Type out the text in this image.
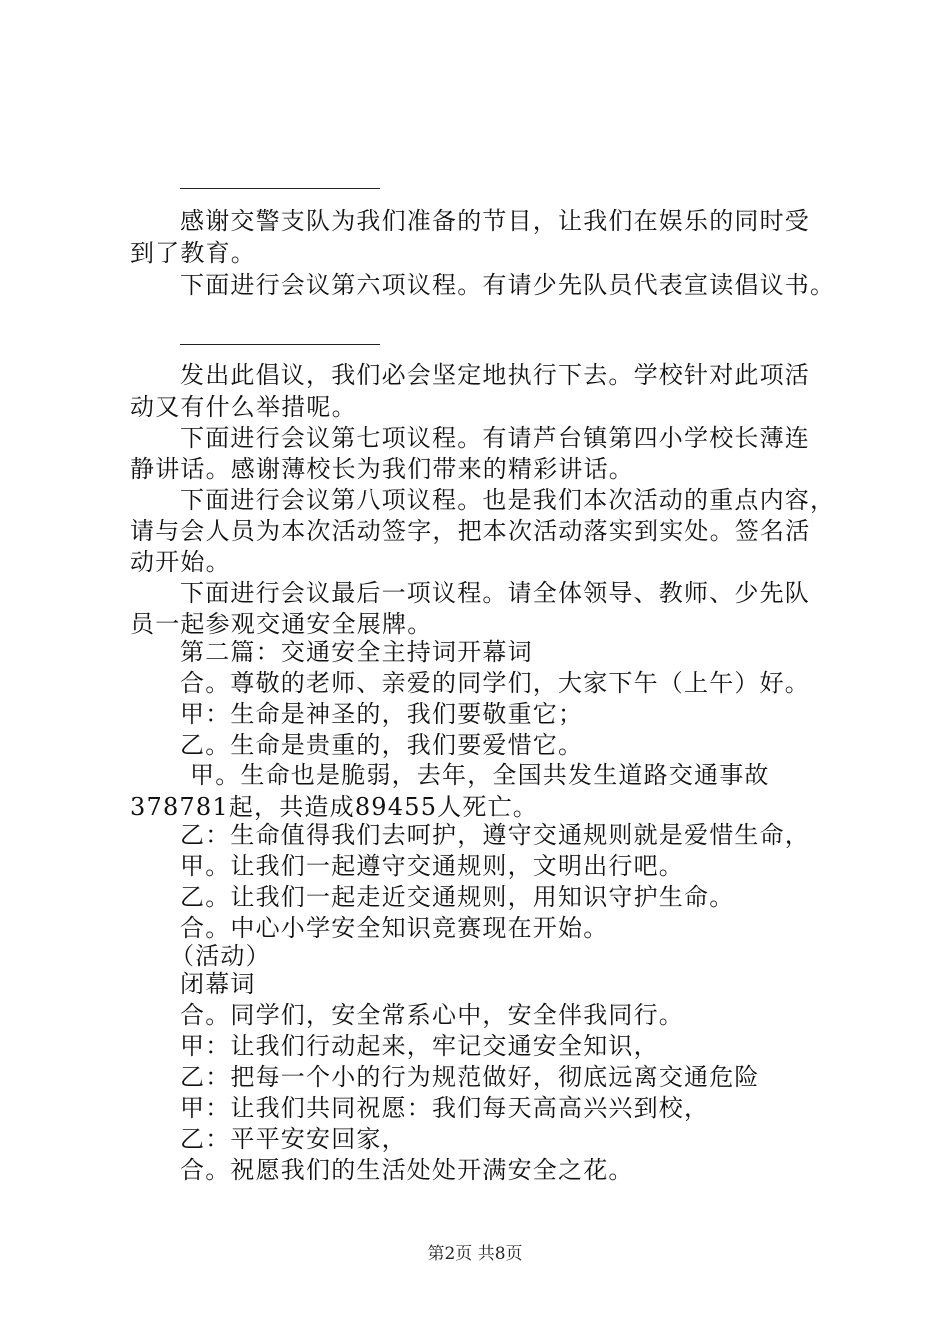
感谢交警支队为我们准备的节目，让我们在娱乐的同时受
到了教育。
下面进行会议第六项议程。有请少先队员代表宣读倡议书。
发出此倡议，我们必会坚定地执行下去。学校针对此项活
动又有什么举措呢。
下面进行会议第七项议程。有请芦台镇第四小学校长薄连
静讲话。感谢薄校长为我们带来的精彩讲话。
下面进行会议第八项议程。也是我们本次活动的重点内容，
请与会人员为本次活动签字，把本次活动落实到实处。签名活
动开始。
下面进行会议最后一项议程。请全体领导、教师、少先队
员一起参观交通安全展牌。
第二篇：交通安全主持词开幕词
合。尊敬的老师、亲爱的同学们，大家下午（上午）好。
甲：生命是神圣的，我们要敬重它；
乙。生命是贵重的，我们要爱惜它。
甲。生命也是脆弱，去年，全国共发生道路交通事故
378781起，共造成89455人死亡。
乙：生命值得我们去呵护，遵守交通规则就是爱惜生命，
甲。让我们一起遵守交通规则，文明出行吧。
乙。让我们一起走近交通规则，用知识守护生命。
合。中心小学安全知识竞赛现在开始。
（活动）
闭幕词
合。同学们，安全常系心中，安全伴我同行。
甲：让我们行动起来，牢记交通安全知识，
乙：把每一个小的行为规范做好，彻底远离交通危险
甲：让我们共同祝愿：我们每天高高兴兴到校，
乙：平平安安回家，
合。祝愿我们的生活处处开满安全之花。
第2页 共8页
